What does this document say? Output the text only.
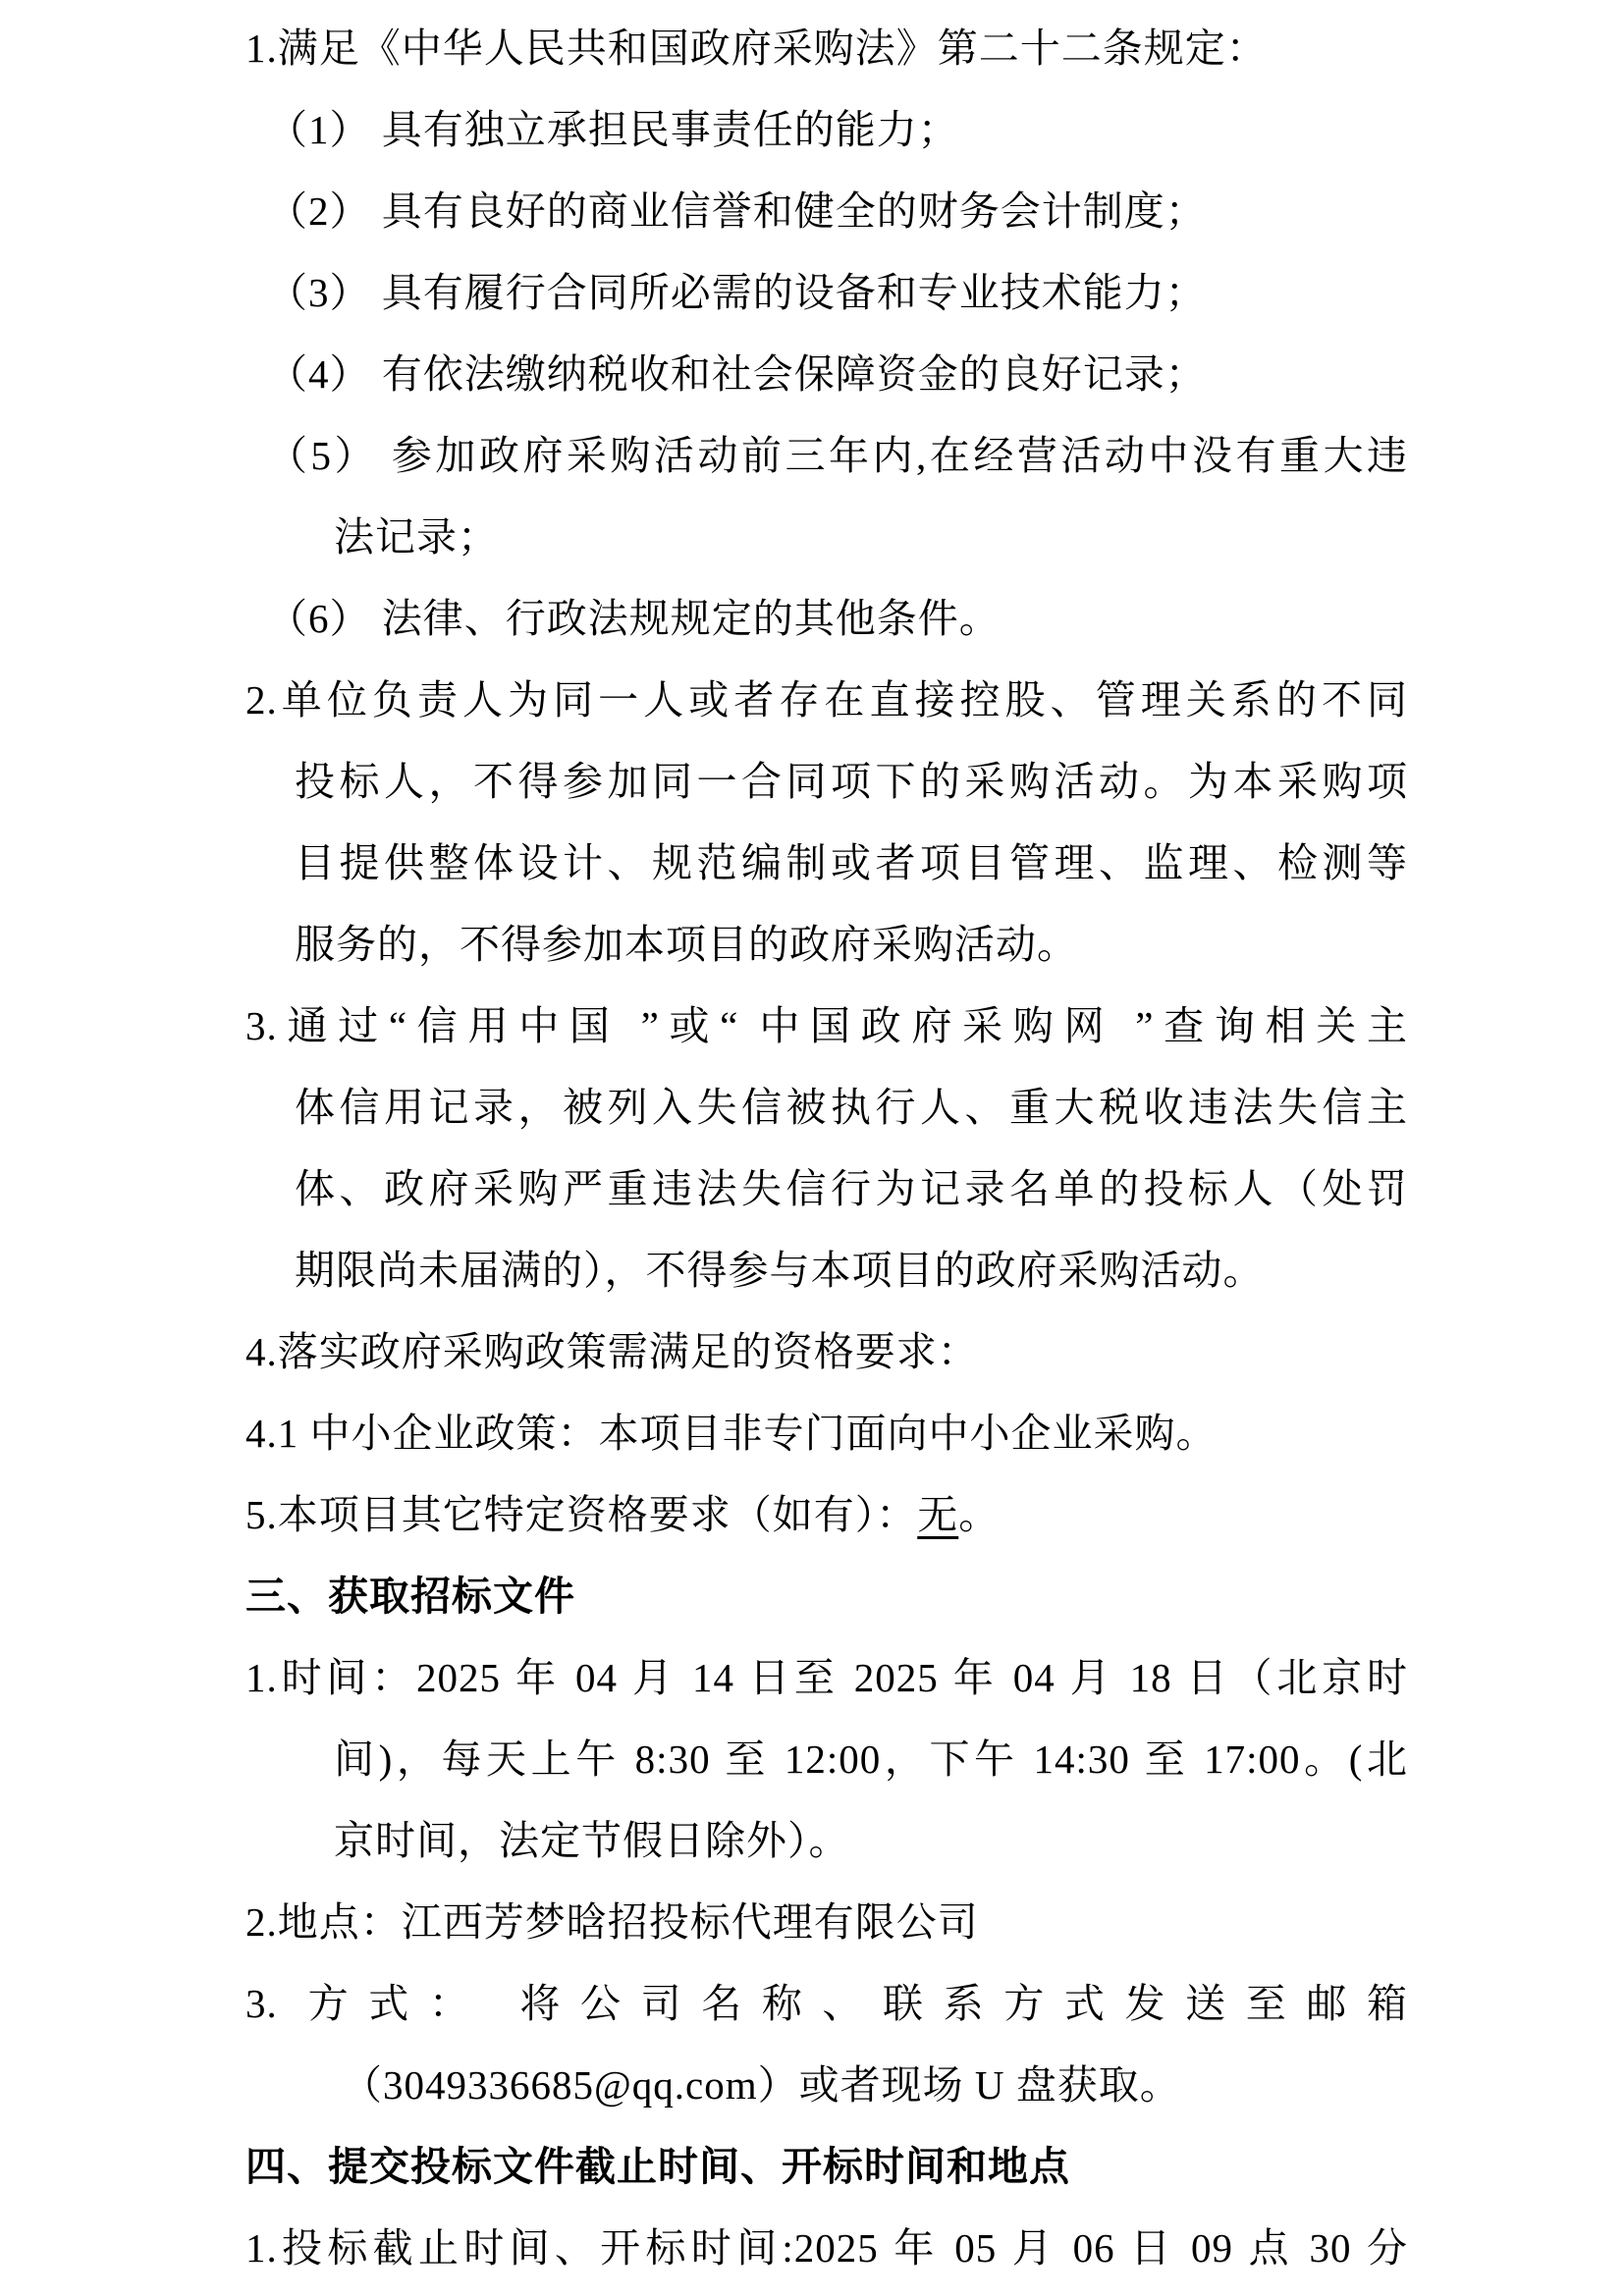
1.满足《中华人民共和国政府采购法》第二十二条规定：
（1） 具有独立承担民事责任的能力；
（2） 具有良好的商业信誉和健全的财务会计制度；
（3） 具有履行合同所必需的设备和专业技术能力；
（4） 有依法缴纳税收和社会保障资金的良好记录；
（5） 参加政府采购活动前三年内,在经营活动中没有重大违
法记录；
（6） 法律、行政法规规定的其他条件。
2.单位负责人为同一人或者存在直接控股、管理关系的不同
投标人，不得参加同一合同项下的采购活动。为本采购项
目提供整体设计、规范编制或者项目管理、监理、检测等
服务的，不得参加本项目的政府采购活动。
3.通过“信用中国 ”或“ 中国政府采购网 ”查询相关主
体信用记录，被列入失信被执行人、重大税收违法失信主
体、政府采购严重违法失信行为记录名单的投标人（处罚
期限尚未届满的），不得参与本项目的政府采购活动。
4.落实政府采购政策需满足的资格要求：
4.1 中小企业政策：本项目非专门面向中小企业采购。
5.本项目其它特定资格要求（如有）：无。
三、获取招标文件
1.时间：2025 年 04 月 14 日至 2025 年 04 月 18 日（北京时
间)，每天上午 8:30 至 12:00，下午 14:30 至 17:00。(北
京时间，法定节假日除外）。
2.地点：江西芳梦晗招投标代理有限公司
3. 方式： 将公司名称、联系方式发送至邮箱
（3049336685@qq.com）或者现场 U 盘获取。
四、提交投标文件截止时间、开标时间和地点
1.投标截止时间、开标时间:2025 年 05 月 06 日 09 点 30 分
